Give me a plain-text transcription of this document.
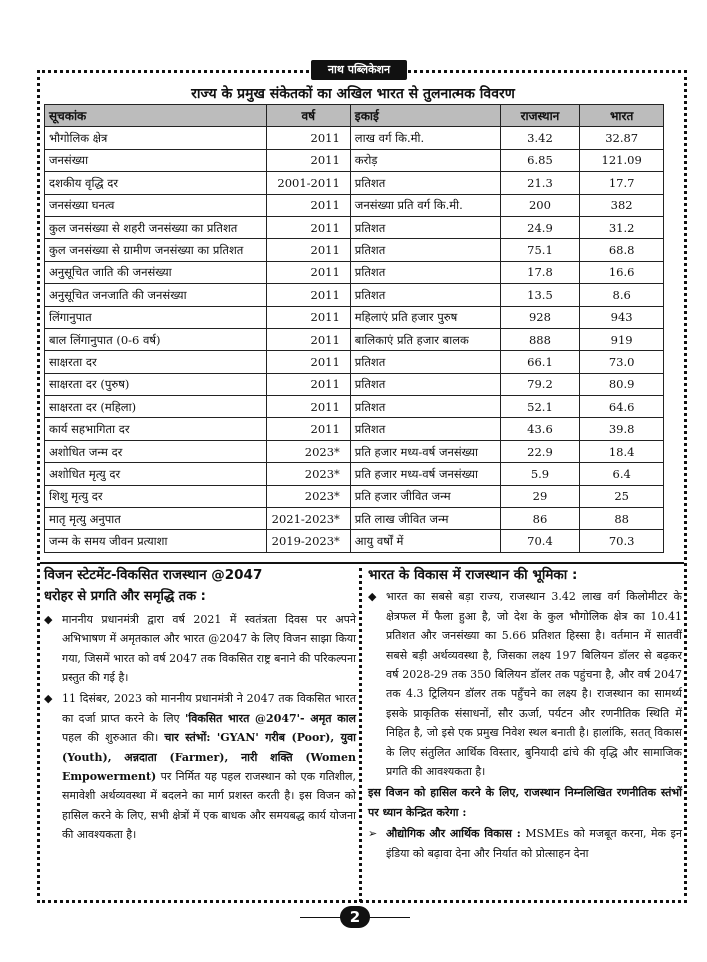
नाथ पब्लिकेशन
राज्य के प्रमुख संकेतकों का अखिल भारत से तुलनात्मक विवरण
सूचकांक	वर्ष	इकाई	राजस्थान	भारत
भौगोलिक क्षेत्र	2011	लाख वर्ग कि.मी.	3.42	32.87
जनसंख्या	2011	करोड़	6.85	121.09
दशकीय वृद्धि दर	2001-2011	प्रतिशत	21.3	17.7
जनसंख्या घनत्व	2011	जनसंख्या प्रति वर्ग कि.मी.	200	382
कुल जनसंख्या से शहरी जनसंख्या का प्रतिशत	2011	प्रतिशत	24.9	31.2
कुल जनसंख्या से ग्रामीण जनसंख्या का प्रतिशत	2011	प्रतिशत	75.1	68.8
अनुसूचित जाति की जनसंख्या	2011	प्रतिशत	17.8	16.6
अनुसूचित जनजाति की जनसंख्या	2011	प्रतिशत	13.5	8.6
लिंगानुपात	2011	महिलाएं प्रति हजार पुरुष	928	943
बाल लिंगानुपात (0-6 वर्ष)	2011	बालिकाएं प्रति हजार बालक	888	919
साक्षरता दर	2011	प्रतिशत	66.1	73.0
साक्षरता दर (पुरुष)	2011	प्रतिशत	79.2	80.9
साक्षरता दर (महिला)	2011	प्रतिशत	52.1	64.6
कार्य सहभागिता दर	2011	प्रतिशत	43.6	39.8
अशोधित जन्म दर	2023*	प्रति हजार मध्य-वर्ष जनसंख्या	22.9	18.4
अशोधित मृत्यु दर	2023*	प्रति हजार मध्य-वर्ष जनसंख्या	5.9	6.4
शिशु मृत्यु दर	2023*	प्रति हजार जीवित जन्म	29	25
मातृ मृत्यु अनुपात	2021-2023*	प्रति लाख जीवित जन्म	86	88
जन्म के समय जीवन प्रत्याशा	2019-2023*	आयु वर्षों में	70.4	70.3
विजन स्टेटमेंट-विकसित राजस्थान @2047
धरोहर से प्रगति और समृद्धि तक :
◆ माननीय प्रधानमंत्री द्वारा वर्ष 2021 में स्वतंत्रता दिवस पर अपने अभिभाषण में अमृतकाल और भारत @2047 के लिए विजन साझा किया गया, जिसमें भारत को वर्ष 2047 तक विकसित राष्ट्र बनाने की परिकल्पना प्रस्तुत की गई है।
◆ 11 दिसंबर, 2023 को माननीय प्रधानमंत्री ने 2047 तक विकसित भारत का दर्जा प्राप्त करने के लिए 'विकसित भारत @2047'- अमृत काल पहल की शुरुआत की। चार स्तंभों: 'GYAN' गरीब (Poor), युवा (Youth), अन्नदाता (Farmer), नारी शक्ति (Women Empowerment) पर निर्मित यह पहल राजस्थान को एक गतिशील, समावेशी अर्थव्यवस्था में बदलने का मार्ग प्रशस्त करती है। इस विजन को हासिल करने के लिए, सभी क्षेत्रों में एक बाधक और समयबद्ध कार्य योजना की आवश्यकता है।
भारत के विकास में राजस्थान की भूमिका :
◆ भारत का सबसे बड़ा राज्य, राजस्थान 3.42 लाख वर्ग किलोमीटर के क्षेत्रफल में फैला हुआ है, जो देश के कुल भौगोलिक क्षेत्र का 10.41 प्रतिशत और जनसंख्या का 5.66 प्रतिशत हिस्सा है। वर्तमान में सातवीं सबसे बड़ी अर्थव्यवस्था है, जिसका लक्ष्य 197 बिलियन डॉलर से बढ़कर वर्ष 2028-29 तक 350 बिलियन डॉलर तक पहुंचना है, और वर्ष 2047 तक 4.3 ट्रिलियन डॉलर तक पहुँचने का लक्ष्य है। राजस्थान का सामर्थ्य इसके प्राकृतिक संसाधनों, सौर ऊर्जा, पर्यटन और रणनीतिक स्थिति में निहित है, जो इसे एक प्रमुख निवेश स्थल बनाती है। हालांकि, सतत् विकास के लिए संतुलित आर्थिक विस्तार, बुनियादी ढांचे की वृद्धि और सामाजिक प्रगति की आवश्यकता है।
इस विजन को हासिल करने के लिए, राजस्थान निम्नलिखित रणनीतिक स्तंभों पर ध्यान केन्द्रित करेगा :
➢ औद्योगिक और आर्थिक विकास : MSMEs को मजबूत करना, मेक इन इंडिया को बढ़ावा देना और निर्यात को प्रोत्साहन देना
2
